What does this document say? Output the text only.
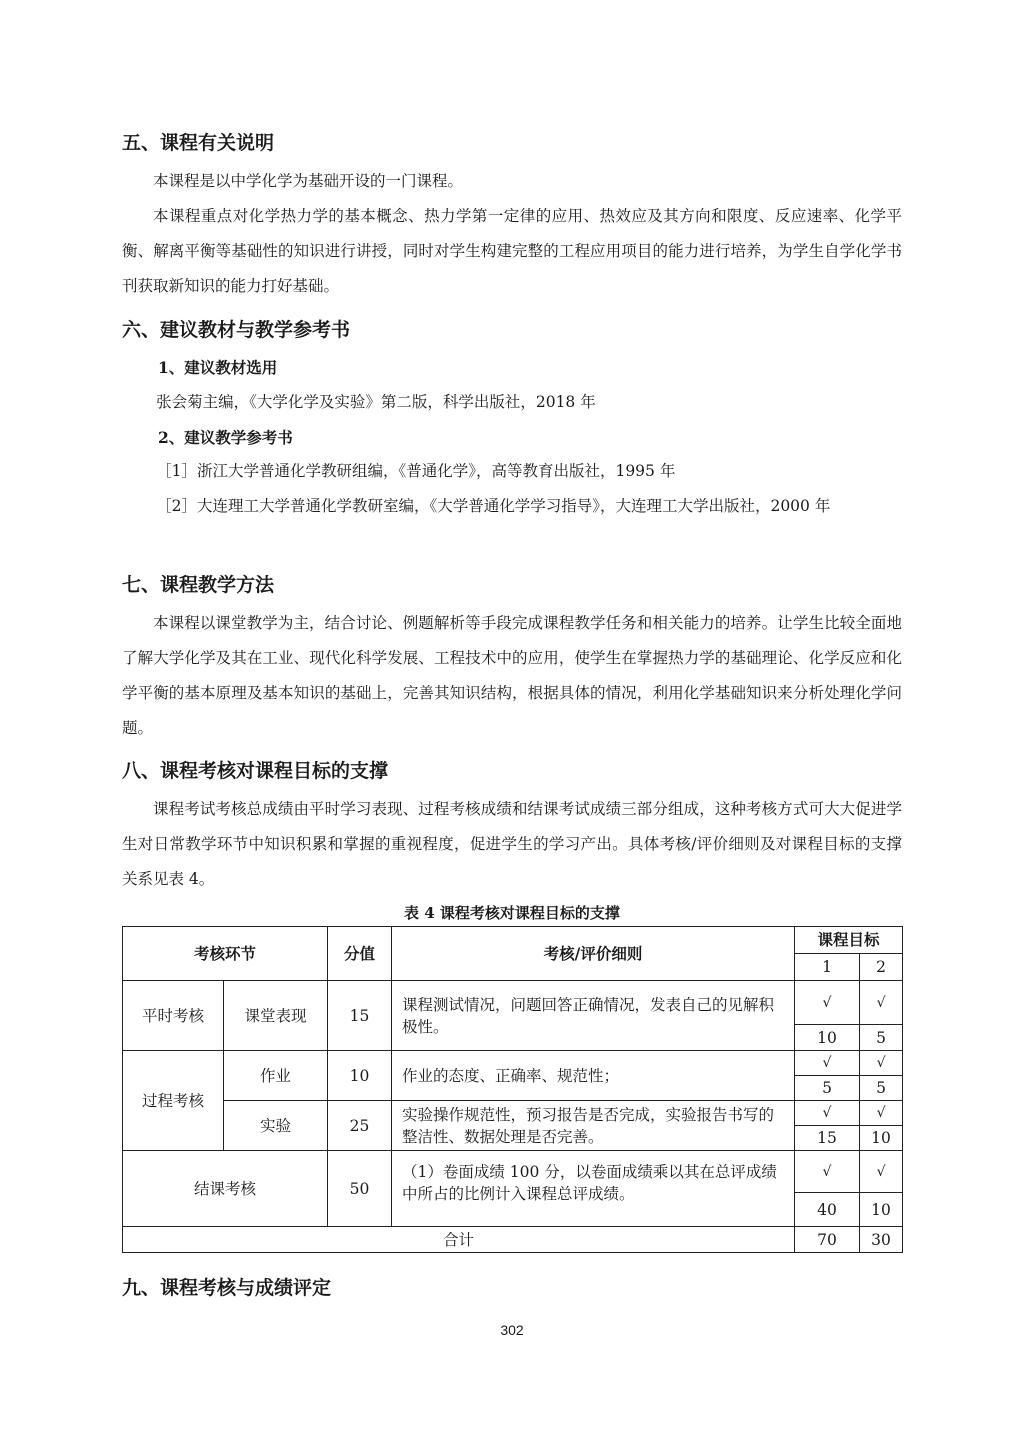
五、课程有关说明

本课程是以中学化学为基础开设的一门课程。

本课程重点对化学热力学的基本概念、热力学第一定律的应用、热效应及其方向和限度、反应速率、化学平衡、解离平衡等基础性的知识进行讲授，同时对学生构建完整的工程应用项目的能力进行培养，为学生自学化学书刊获取新知识的能力打好基础。

六、建议教材与教学参考书
1、建议教材选用

张会菊主编，《大学化学及实验》第二版，科学出版社，2018 年

2、建议教学参考书

［1］浙江大学普通化学教研组编，《普通化学》，高等教育出版社，1995 年

［2］大连理工大学普通化学教研室编，《大学普通化学学习指导》，大连理工大学出版社，2000 年

七、课程教学方法

本课程以课堂教学为主，结合讨论、例题解析等手段完成课程教学任务和相关能力的培养。让学生比较全面地了解大学化学及其在工业、现代化科学发展、工程技术中的应用，使学生在掌握热力学的基础理论、化学反应和化学平衡的基本原理及基本知识的基础上，完善其知识结构，根据具体的情况，利用化学基础知识来分析处理化学问题。

八、课程考核对课程目标的支撑

课程考试考核总成绩由平时学习表现、过程考核成绩和结课考试成绩三部分组成，这种考核方式可大大促进学生对日常教学环节中知识积累和掌握的重视程度，促进学生的学习产出。具体考核/评价细则及对课程目标的支撑关系见表 4。

表 4 课程考核对课程目标的支撑

考核环节		分值	考核/评价细则	课程目标	
				1	2
平时考核	课堂表现	15	课程测试情况，问题回答正确情况，发表自己的见解积极性。	√	√
				10	5
过程考核	作业	10	作业的态度、正确率、规范性；	√	√
				5	5
	实验	25	实验操作规范性，预习报告是否完成，实验报告书写的整洁性、数据处理是否完善。	√	√
				15	10
结课考核		50	（1）卷面成绩 100 分，以卷面成绩乘以其在总评成绩中所占的比例计入课程总评成绩。	√	√
				40	10
合计				70	30
九、课程考核与成绩评定
302
